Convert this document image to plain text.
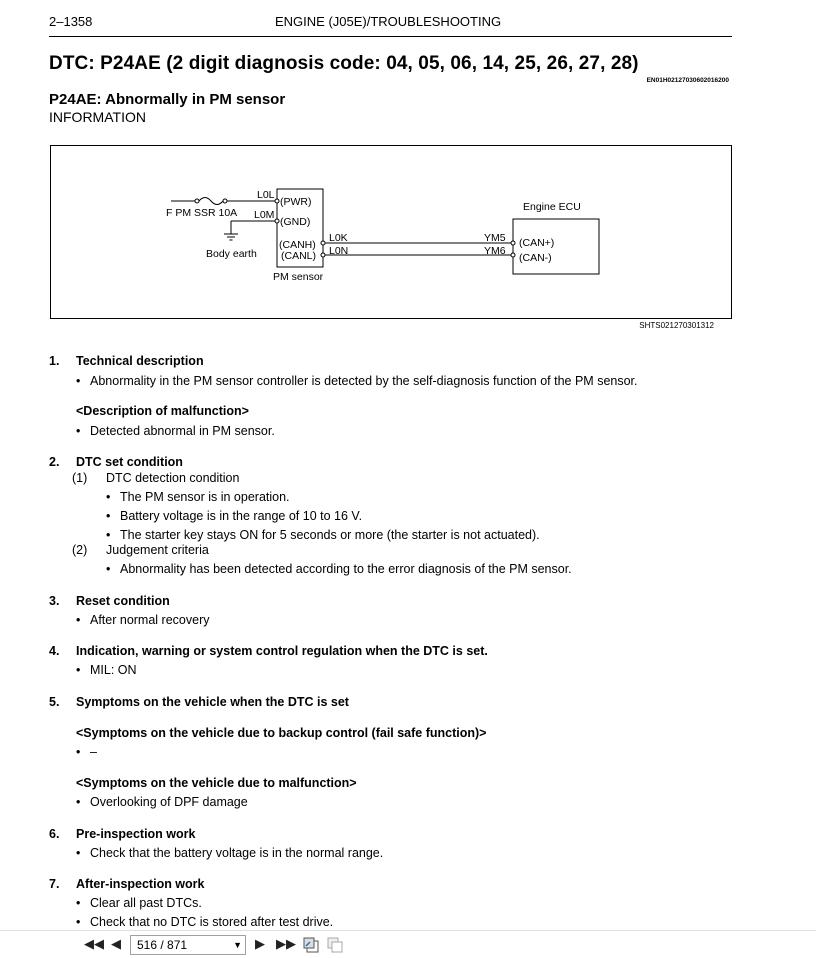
2–1358	ENGINE (J05E)/TROUBLESHOOTING
DTC: P24AE (2 digit diagnosis code: 04, 05, 06, 14, 25, 26, 27, 28)
EN01H02127030602016200
P24AE: Abnormally in PM sensor
INFORMATION
F PM SSR 10A
Body earth
(PWR)
(GND)
(CANH)
(CANL)
L0L
L0M
L0K
L0N
PM sensor
Engine ECU
YM5
YM6
(CAN+)
(CAN-)
SHTS021270301312
1. Technical description
• Abnormality in the PM sensor controller is detected by the self-diagnosis function of the PM sensor.
<Description of malfunction>
• Detected abnormal in PM sensor.
2. DTC set condition
(1) DTC detection condition
• The PM sensor is in operation.
• Battery voltage is in the range of 10 to 16 V.
• The starter key stays ON for 5 seconds or more (the starter is not actuated).
(2) Judgement criteria
• Abnormality has been detected according to the error diagnosis of the PM sensor.
3. Reset condition
• After normal recovery
4. Indication, warning or system control regulation when the DTC is set.
• MIL: ON
5. Symptoms on the vehicle when the DTC is set
<Symptoms on the vehicle due to backup control (fail safe function)>
• –
<Symptoms on the vehicle due to malfunction>
• Overlooking of DPF damage
6. Pre-inspection work
• Check that the battery voltage is in the normal range.
7. After-inspection work
• Clear all past DTCs.
• Check that no DTC is stored after test drive.
◀◀ ◀
516 / 871	▼ ▶ ▶▶
